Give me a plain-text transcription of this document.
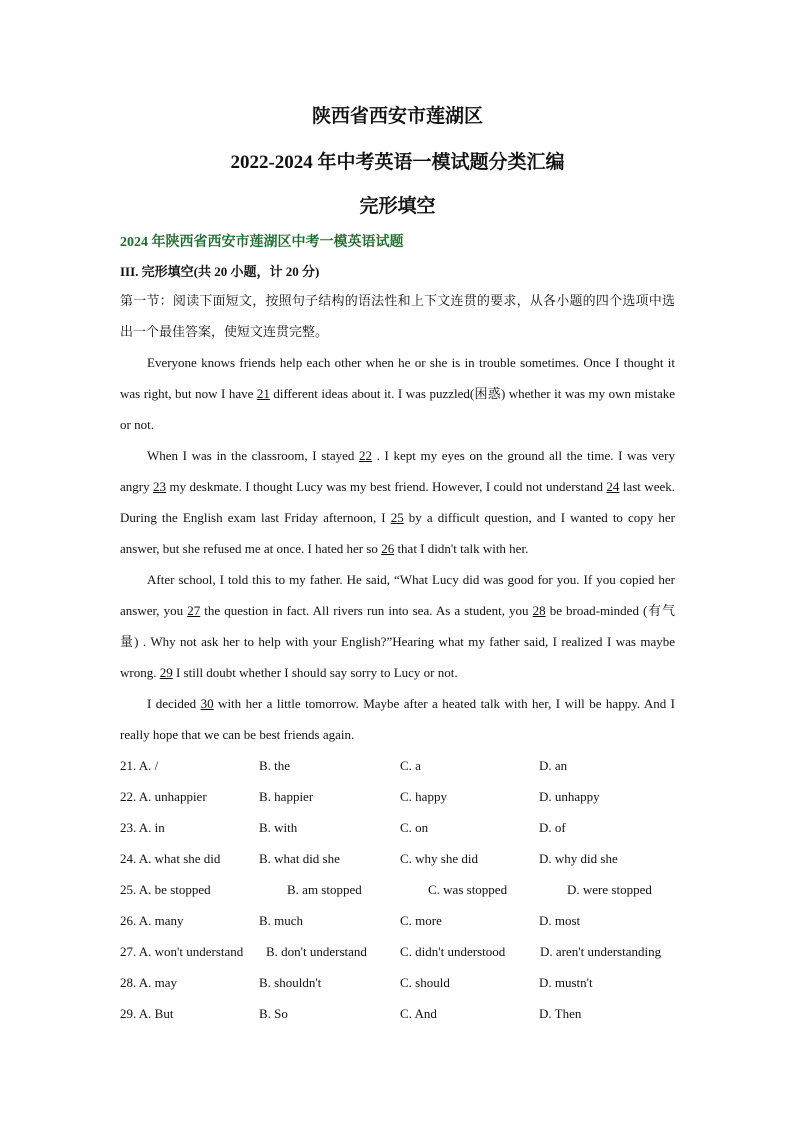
陕西省西安市莲湖区
2022-2024 年中考英语一模试题分类汇编
完形填空
2024 年陕西省西安市莲湖区中考一模英语试题
III. 完形填空(共 20 小题，计 20 分)

第一节：阅读下面短文，按照句子结构的语法性和上下文连贯的要求，从各小题的四个选项中选出一个最佳答案，使短文连贯完整。

Everyone knows friends help each other when he or she is in trouble sometimes. Once I thought it was right, but now I have 21 different ideas about it. I was puzzled(困惑) whether it was my own mistake or not.

When I was in the classroom, I stayed 22 . I kept my eyes on the ground all the time. I was very angry 23 my deskmate. I thought Lucy was my best friend. However, I could not understand 24 last week. During the English exam last Friday afternoon, I 25 by a difficult question, and I wanted to copy her answer, but she refused me at once. I hated her so 26 that I didn't talk with her.

After school, I told this to my father. He said, “What Lucy did was good for you. If you copied her answer, you 27 the question in fact. All rivers run into sea. As a student, you 28 be broad-minded (有气量) . Why not ask her to help with your English?”Hearing what my father said, I realized I was maybe wrong. 29 I still doubt whether I should say sorry to Lucy or not.

I decided 30 with her a little tomorrow. Maybe after a heated talk with her, I will be happy. And I really hope that we can be best friends again.

21. A. /	B. the	C. a	D. an
22. A. unhappier	B. happier	C. happy	D. unhappy
23. A. in	B. with	C. on	D. of
24. A. what she did	B. what did she	C. why she did	D. why did she
25. A. be stopped	B. am stopped	C. was stopped	D. were stopped
26. A. many	B. much	C. more	D. most
27. A. won't understand B. don't understand	C. didn't understood	D. aren't understanding
28. A. may	B. shouldn't	C. should	D. mustn't
29. A. But	B. So	C. And	D. Then
